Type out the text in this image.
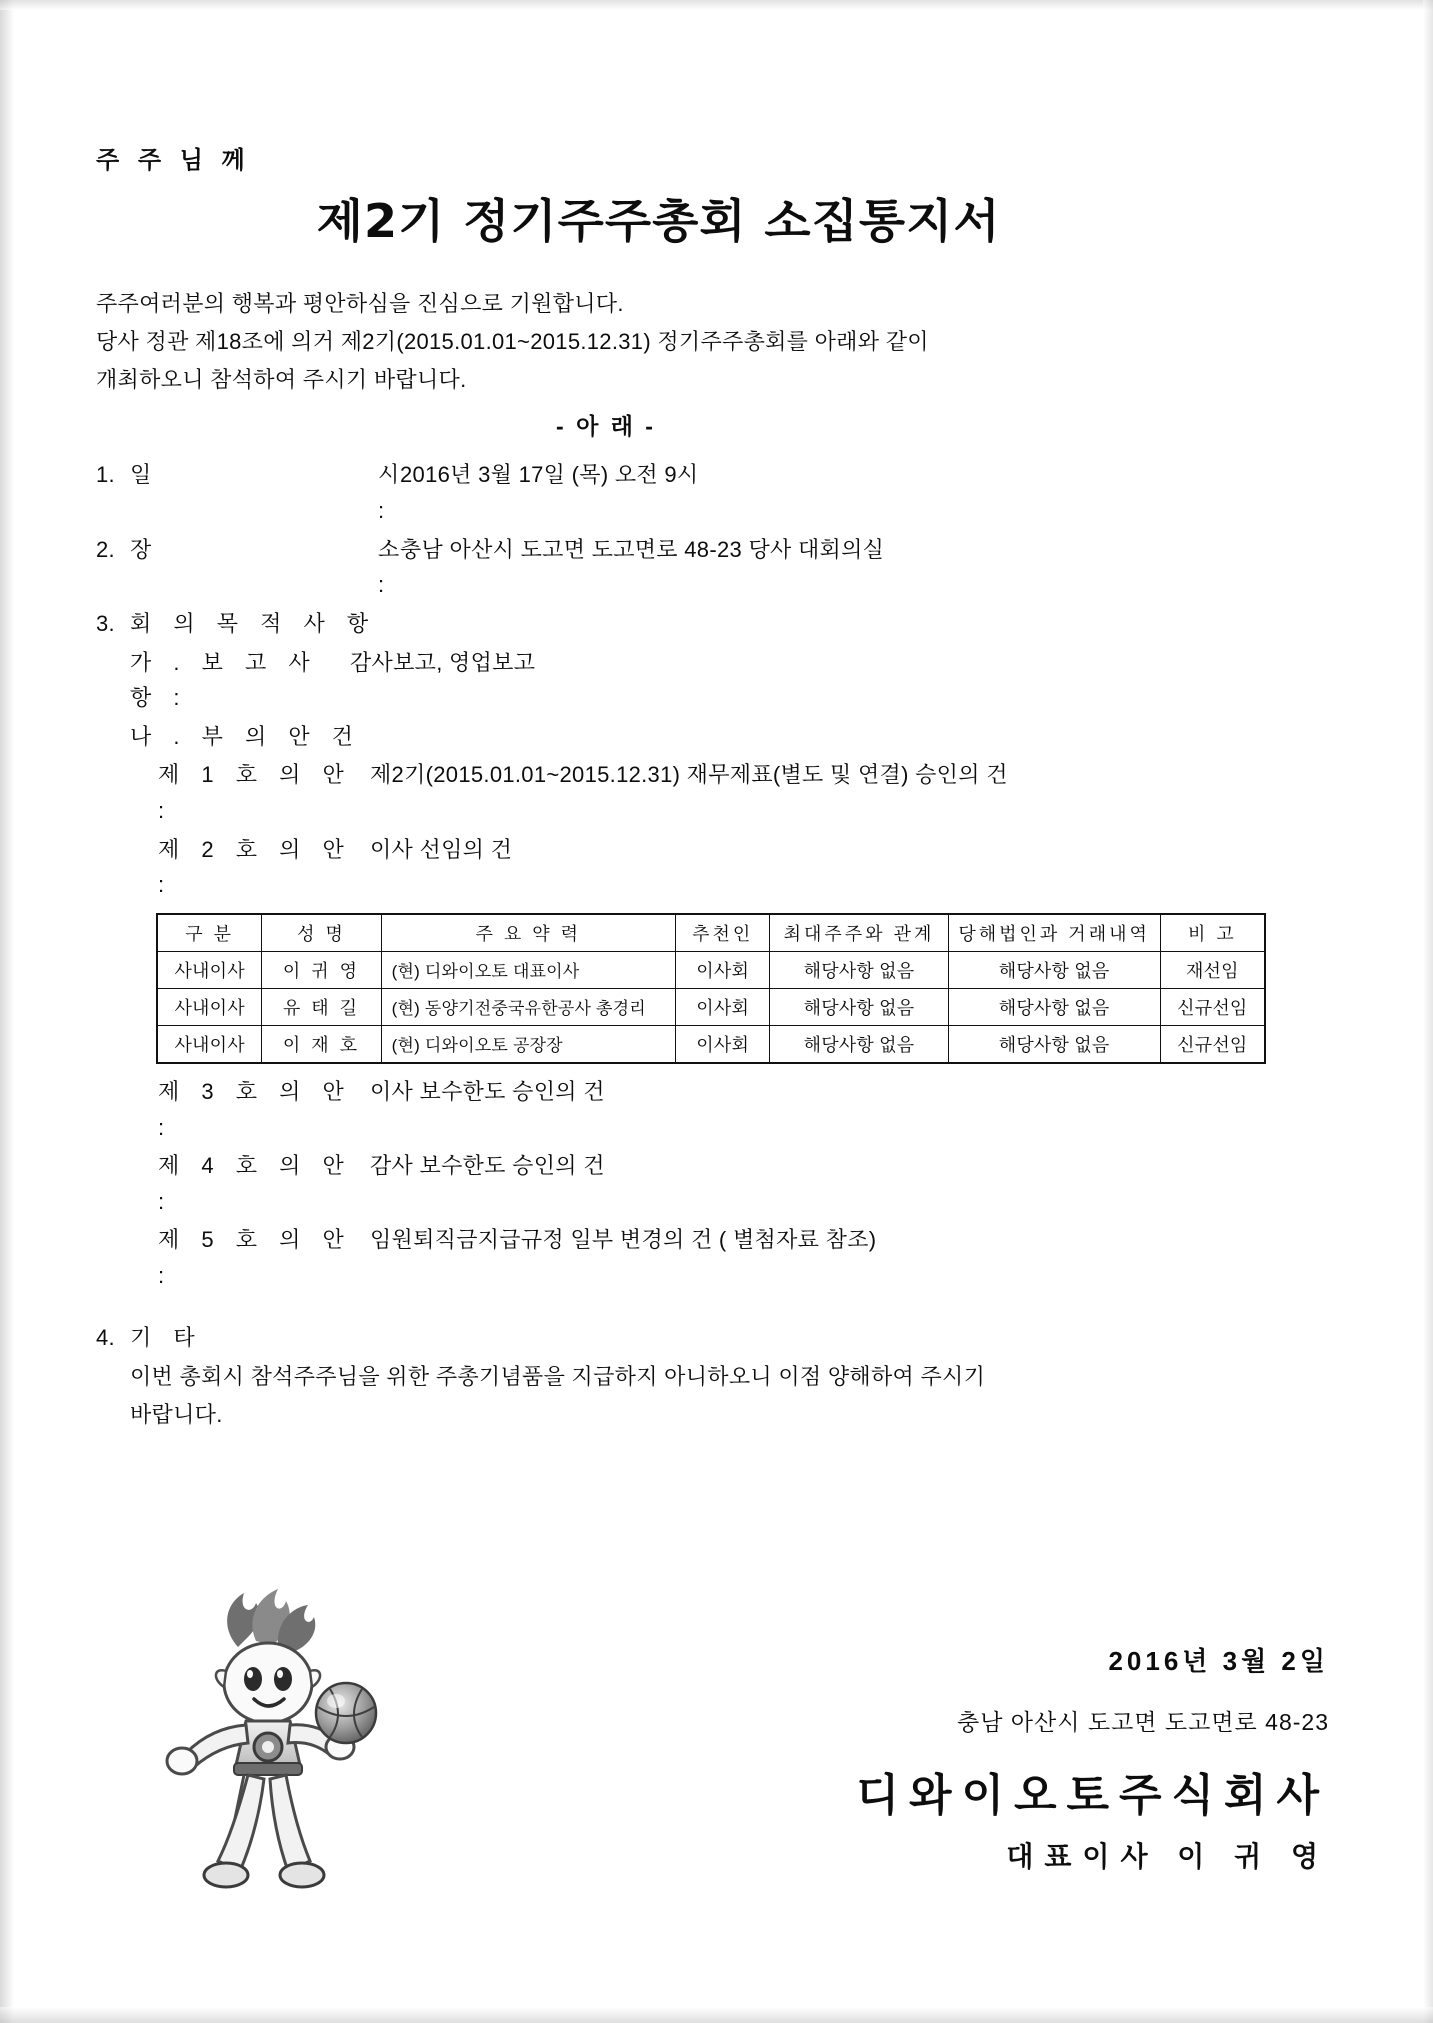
주 주 님 께
제2기 정기주주총회 소집통지서
주주여러분의 행복과 평안하심을 진심으로 기원합니다.
당사 정관 제18조에 의거 제2기(2015.01.01~2015.12.31) 정기주주총회를 아래와 같이
개최하오니 참석하여 주시기 바랍니다.
- 아 래 -
1. 일	시 :
2016년 3월 17일 (목) 오전 9시
2. 장	소 :
충남 아산시 도고면 도고면로 48-23 당사 대회의실
3. 회 의 목 적 사 항
가 . 보 고 사 항 :
감사보고, 영업보고
나 . 부 의 안 건
제 1 호 의 안 :
제2기(2015.01.01~2015.12.31) 재무제표(별도 및 연결) 승인의 건
제 2 호 의 안 :
이사 선임의 건
구 분	성 명	주 요 약 력	추천인	최대주주와 관계	당해법인과 거래내역	비 고
사내이사	이 귀 영	(현) 디와이오토 대표이사	이사회	해당사항 없음	해당사항 없음	재선임
사내이사	유 태 길	(현) 동양기전중국유한공사 총경리	이사회	해당사항 없음	해당사항 없음	신규선임
사내이사	이 재 호	(현) 디와이오토 공장장	이사회	해당사항 없음	해당사항 없음	신규선임
제 3 호 의 안 :
이사 보수한도 승인의 건
제 4 호 의 안 :
감사 보수한도 승인의 건
제 5 호 의 안 :
임원퇴직금지급규정 일부 변경의 건 ( 별첨자료 참조)
4. 기 타
이번 총회시 참석주주님을 위한 주총기념품을 지급하지 아니하오니 이점 양해하여 주시기
바랍니다.
2016년 3월 2일
충남 아산시 도고면 도고면로 48-23
디와이오토주식회사
대표이사 이 귀 영
